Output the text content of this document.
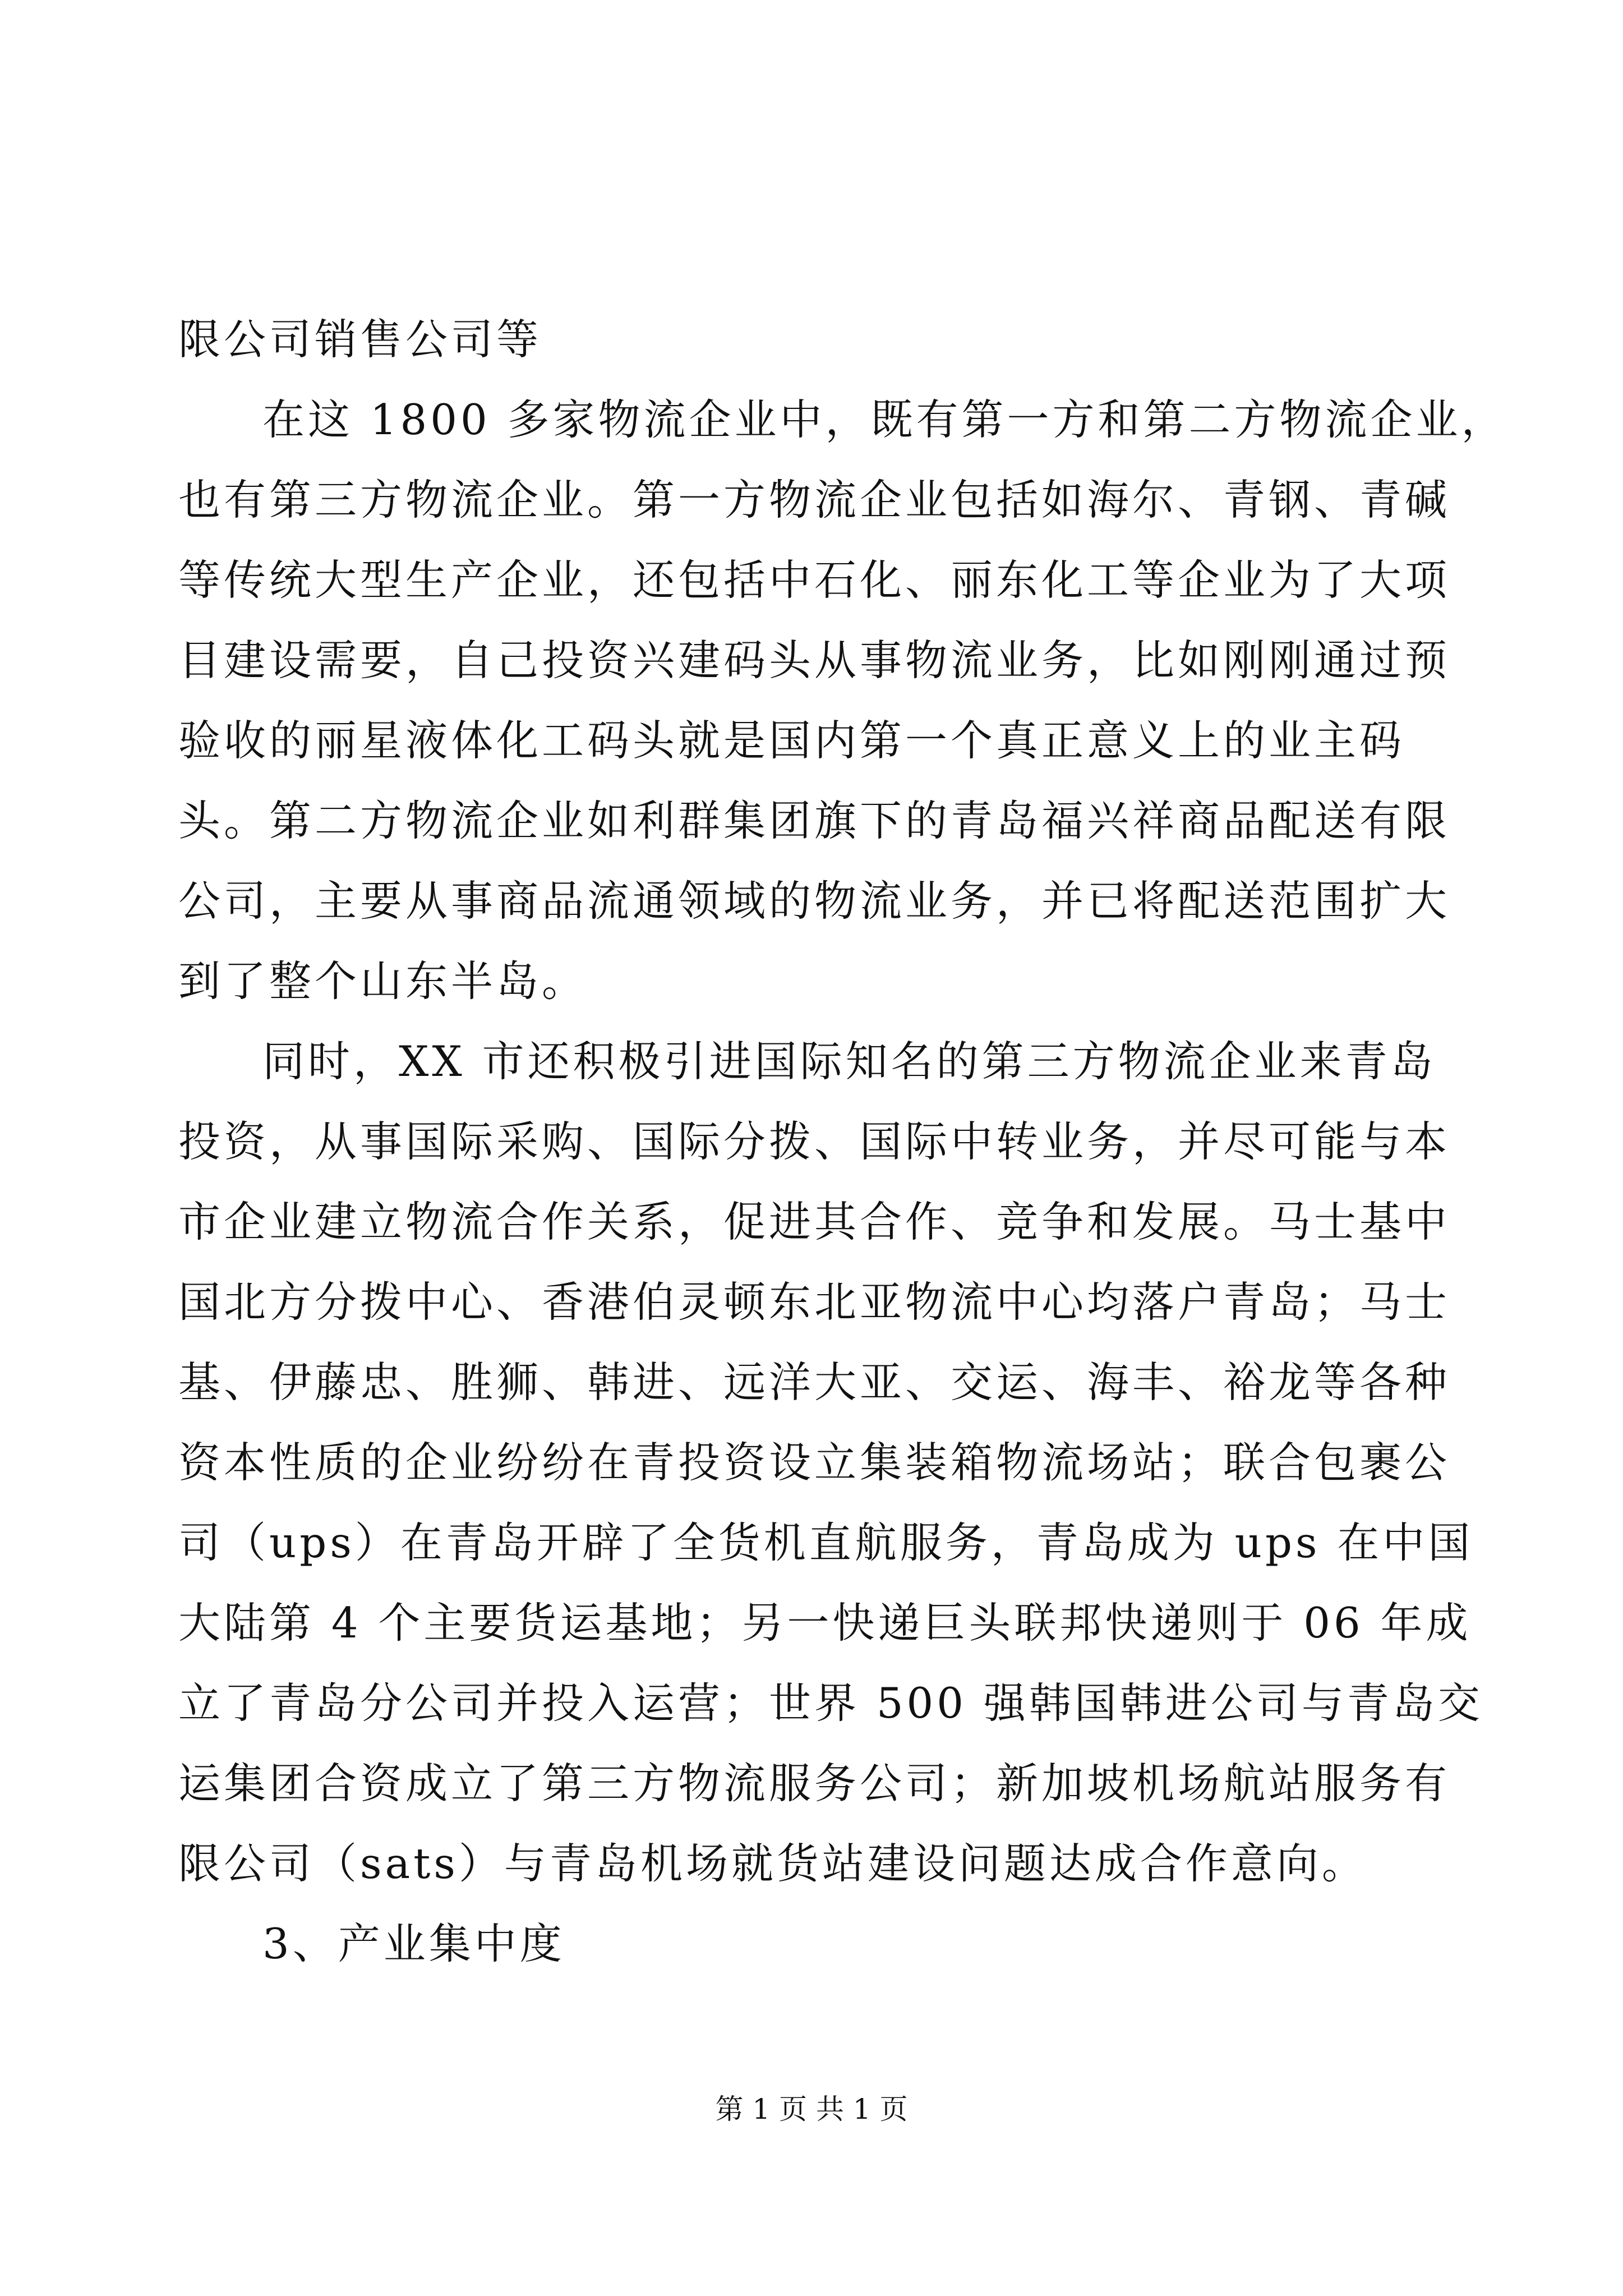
限公司销售公司等

在这 1800 多家物流企业中，既有第一方和第二方物流企业，

也有第三方物流企业。第一方物流企业包括如海尔、青钢、青碱

等传统大型生产企业，还包括中石化、丽东化工等企业为了大项

目建设需要，自己投资兴建码头从事物流业务，比如刚刚通过预

验收的丽星液体化工码头就是国内第一个真正意义上的业主码

头。第二方物流企业如利群集团旗下的青岛福兴祥商品配送有限

公司，主要从事商品流通领域的物流业务，并已将配送范围扩大

到了整个山东半岛。

同时，XX 市还积极引进国际知名的第三方物流企业来青岛

投资，从事国际采购、国际分拨、国际中转业务，并尽可能与本

市企业建立物流合作关系，促进其合作、竞争和发展。马士基中

国北方分拨中心、香港伯灵顿东北亚物流中心均落户青岛；马士

基、伊藤忠、胜狮、韩进、远洋大亚、交运、海丰、裕龙等各种

资本性质的企业纷纷在青投资设立集装箱物流场站；联合包裹公

司（ups）在青岛开辟了全货机直航服务，青岛成为 ups 在中国

大陆第 4 个主要货运基地；另一快递巨头联邦快递则于 06 年成

立了青岛分公司并投入运营；世界 500 强韩国韩进公司与青岛交

运集团合资成立了第三方物流服务公司；新加坡机场航站服务有

限公司（sats）与青岛机场就货站建设问题达成合作意向。

3、产业集中度

第 1 页 共 1 页
